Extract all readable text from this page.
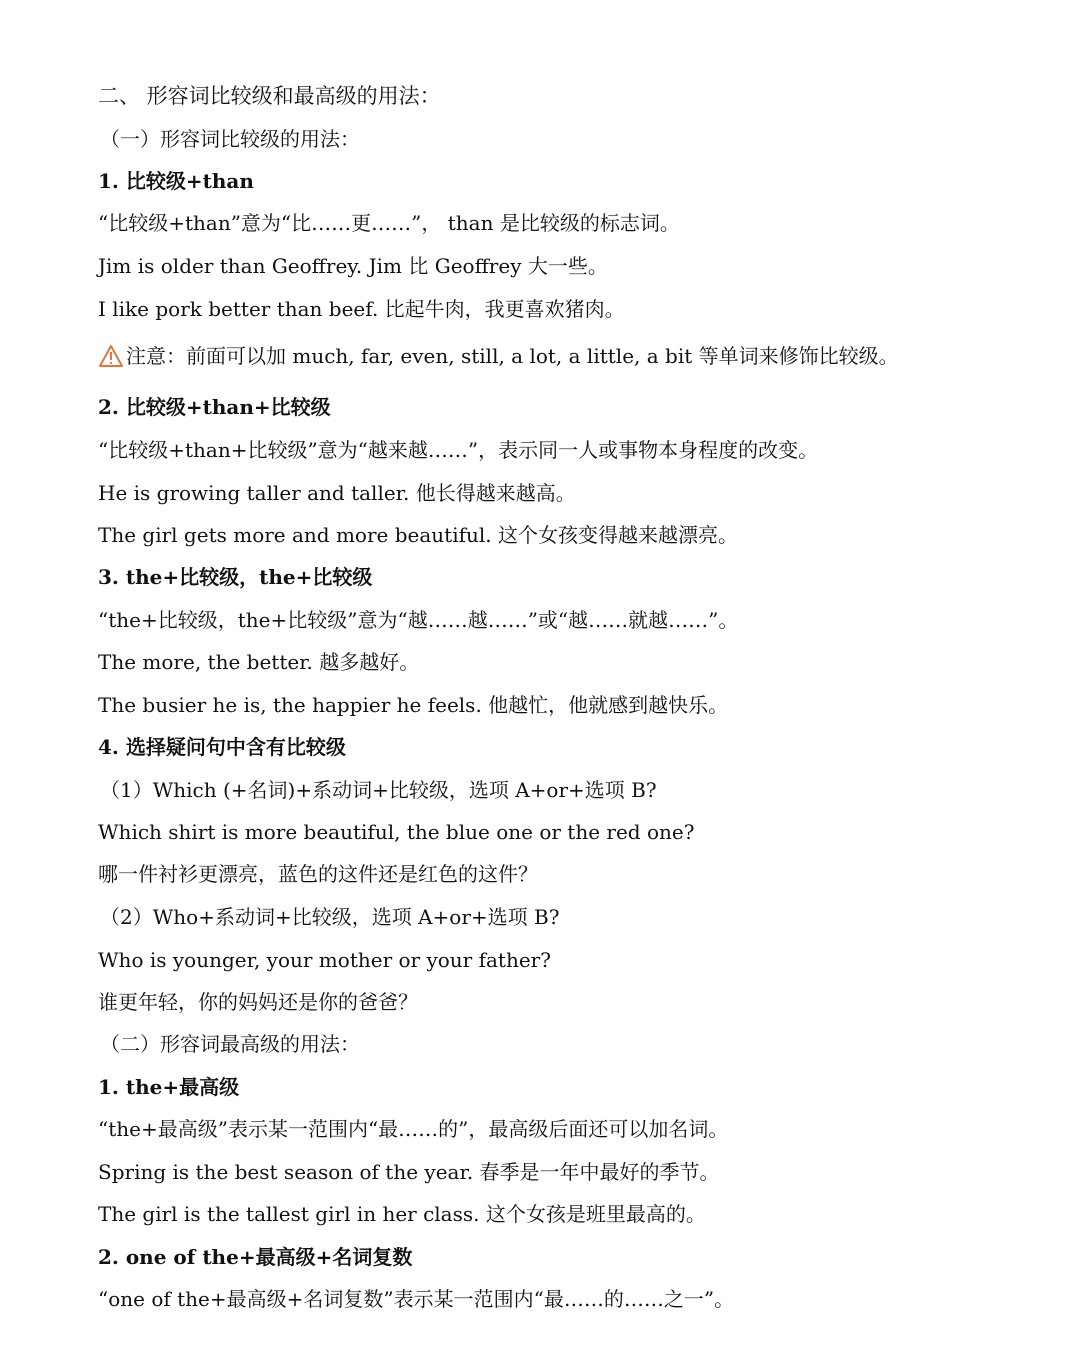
二、 形容词比较级和最高级的用法：
（一）形容词比较级的用法：
1. 比较级+than
“比较级+than”意为“比……更……”， than 是比较级的标志词。
Jim is older than Geoffrey. Jim 比 Geoffrey 大一些。
I like pork better than beef. 比起牛肉，我更喜欢猪肉。
注意：前面可以加 much, far, even, still, a lot, a little, a bit 等单词来修饰比较级。
2. 比较级+than+比较级
“比较级+than+比较级”意为“越来越……”，表示同一人或事物本身程度的改变。
He is growing taller and taller. 他长得越来越高。
The girl gets more and more beautiful. 这个女孩变得越来越漂亮。
3. the+比较级，the+比较级
“the+比较级，the+比较级”意为“越……越……”或“越……就越……”。
The more, the better. 越多越好。
The busier he is, the happier he feels. 他越忙，他就感到越快乐。
4. 选择疑问句中含有比较级
（1）Which (+名词)+系动词+比较级，选项 A+or+选项 B?
Which shirt is more beautiful, the blue one or the red one?
哪一件衬衫更漂亮，蓝色的这件还是红色的这件？
（2）Who+系动词+比较级，选项 A+or+选项 B?
Who is younger, your mother or your father?
谁更年轻，你的妈妈还是你的爸爸？
（二）形容词最高级的用法：
1. the+最高级
“the+最高级”表示某一范围内“最……的”，最高级后面还可以加名词。
Spring is the best season of the year. 春季是一年中最好的季节。
The girl is the tallest girl in her class. 这个女孩是班里最高的。
2. one of the+最高级+名词复数
“one of the+最高级+名词复数”表示某一范围内“最……的……之一”。
